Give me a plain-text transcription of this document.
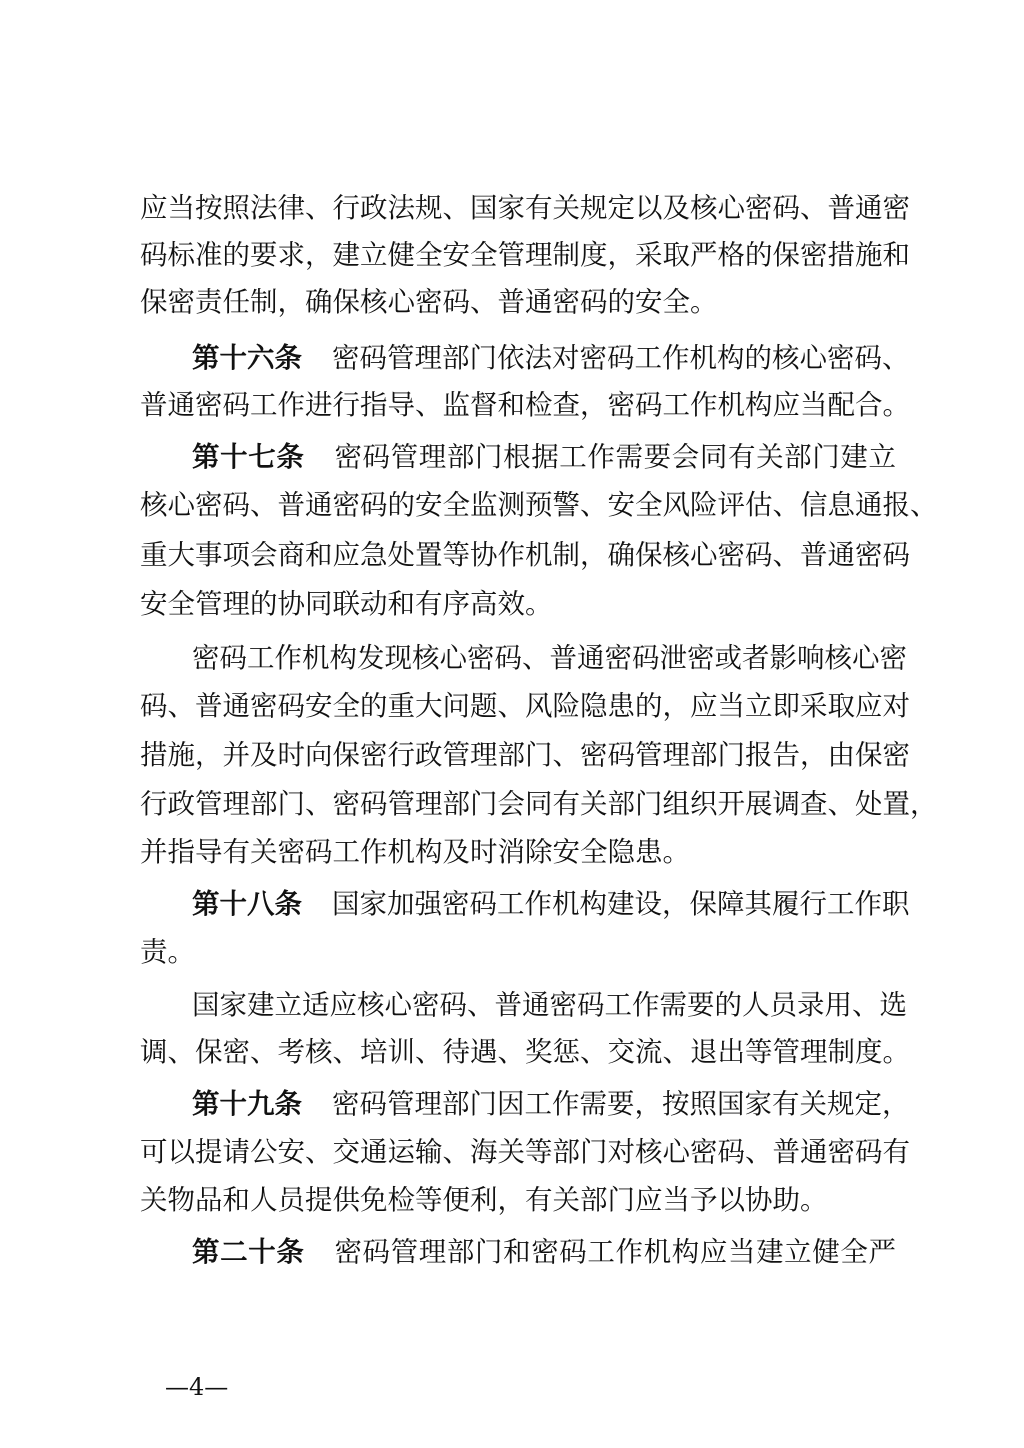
应当按照法律、行政法规、国家有关规定以及核心密码、普通密
码标准的要求，建立健全安全管理制度，采取严格的保密措施和
保密责任制，确保核心密码、普通密码的安全。
第十六条 密码管理部门依法对密码工作机构的核心密码、
普通密码工作进行指导、监督和检查，密码工作机构应当配合。
第十七条 密码管理部门根据工作需要会同有关部门建立
核心密码、普通密码的安全监测预警、安全风险评估、信息通报、
重大事项会商和应急处置等协作机制，确保核心密码、普通密码
安全管理的协同联动和有序高效。
密码工作机构发现核心密码、普通密码泄密或者影响核心密
码、普通密码安全的重大问题、风险隐患的，应当立即采取应对
措施，并及时向保密行政管理部门、密码管理部门报告，由保密
行政管理部门、密码管理部门会同有关部门组织开展调查、处置，
并指导有关密码工作机构及时消除安全隐患。
第十八条 国家加强密码工作机构建设，保障其履行工作职
责。
国家建立适应核心密码、普通密码工作需要的人员录用、选
调、保密、考核、培训、待遇、奖惩、交流、退出等管理制度。
第十九条 密码管理部门因工作需要，按照国家有关规定，
可以提请公安、交通运输、海关等部门对核心密码、普通密码有
关物品和人员提供免检等便利，有关部门应当予以协助。
第二十条 密码管理部门和密码工作机构应当建立健全严
—4—
